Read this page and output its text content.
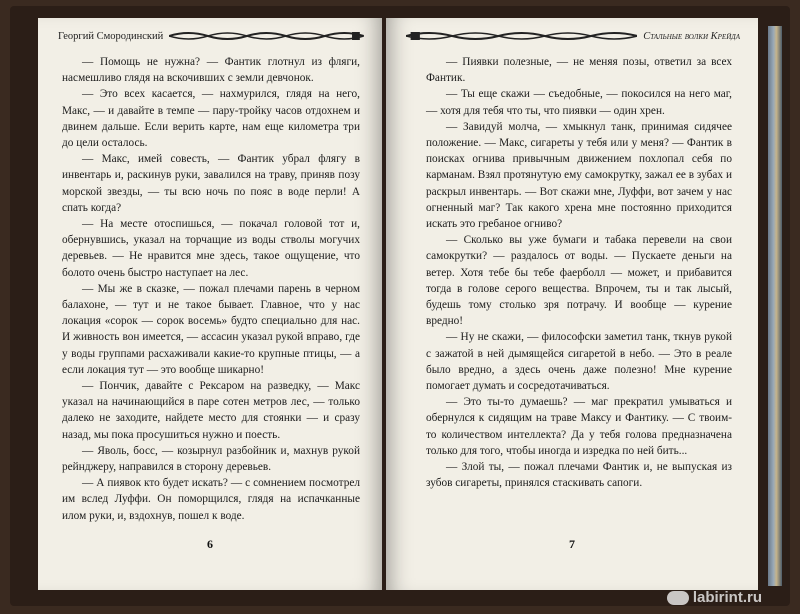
Георгий Смородинский

— Помощь не нужна? — Фантик глотнул из фляги, насмешливо глядя на вскочивших с земли девчонок.

— Это всех касается, — нахмурился, глядя на него, Макс, — и давайте в темпе — пару-тройку часов отдохнем и двинем дальше. Если верить карте, нам еще километра три до цели осталось.

— Макс, имей совесть, — Фантик убрал флягу в инвентарь и, раскинув руки, завалился на траву, приняв позу морской звезды, — ты всю ночь по пояс в воде перли! А спать когда?

— На месте отоспишься, — покачал головой тот и, обернувшись, указал на торчащие из воды стволы могучих деревьев. — Не нравится мне здесь, такое ощущение, что болото очень быстро наступает на лес.

— Мы же в сказке, — пожал плечами парень в черном балахоне, — тут и не такое бывает. Главное, что у нас локация «сорок — сорок восемь» будто специально для нас. И живность вон имеется, — ассасин указал рукой вправо, где у воды группами расхаживали какие-то крупные птицы, — а если локация тут — это вообще шикарно!

— Пончик, давайте с Рексаром на разведку, — Макс указал на начинающийся в паре сотен метров лес, — только далеко не заходите, найдете место для стоянки — и сразу назад, мы пока просушиться нужно и поесть.

— Яволь, босс, — козырнул разбойник и, махнув рукой рейнджеру, направился в сторону деревьев.

— А пиявок кто будет искать? — с сомнением посмотрел им вслед Луффи. Он поморщился, глядя на испачканные илом руки, и, вздохнув, пошел к воде.

6
Стальные волки Крейда

— Пиявки полезные, — не меняя позы, ответил за всех Фантик.

— Ты еще скажи — съедобные, — покосился на него маг, — хотя для тебя что ты, что пиявки — один хрен.

— Завидуй молча, — хмыкнул танк, принимая сидячее положение. — Макс, сигареты у тебя или у меня? — Фантик в поисках огнива привычным движением похлопал себя по карманам. Взял протянутую ему самокрутку, зажал ее в зубах и раскрыл инвентарь. — Вот скажи мне, Луффи, вот зачем у нас огненный маг? Так какого хрена мне постоянно приходится искать это гребаное огниво?

— Сколько вы уже бумаги и табака перевели на свои самокрутки? — раздалось от воды. — Пускаете деньги на ветер. Хотя тебе бы тебе фаерболл — может, и прибавится тогда в голове серого вещества. Впрочем, ты и так лысый, будешь тому столько зря потрачу. И вообще — курение вредно!

— Ну не скажи, — философски заметил танк, ткнув рукой с зажатой в ней дымящейся сигаретой в небо. — Это в реале было вредно, а здесь очень даже полезно! Мне курение помогает думать и сосредотачиваться.

— Это ты-то думаешь? — маг прекратил умываться и обернулся к сидящим на траве Максу и Фантику. — С твоим-то количеством интеллекта? Да у тебя голова предназначена только для того, чтобы иногда и изредка по ней бить...

— Злой ты, — пожал плечами Фантик и, не выпуская из зубов сигареты, принялся стаскивать сапоги.

7
labirint.ru
